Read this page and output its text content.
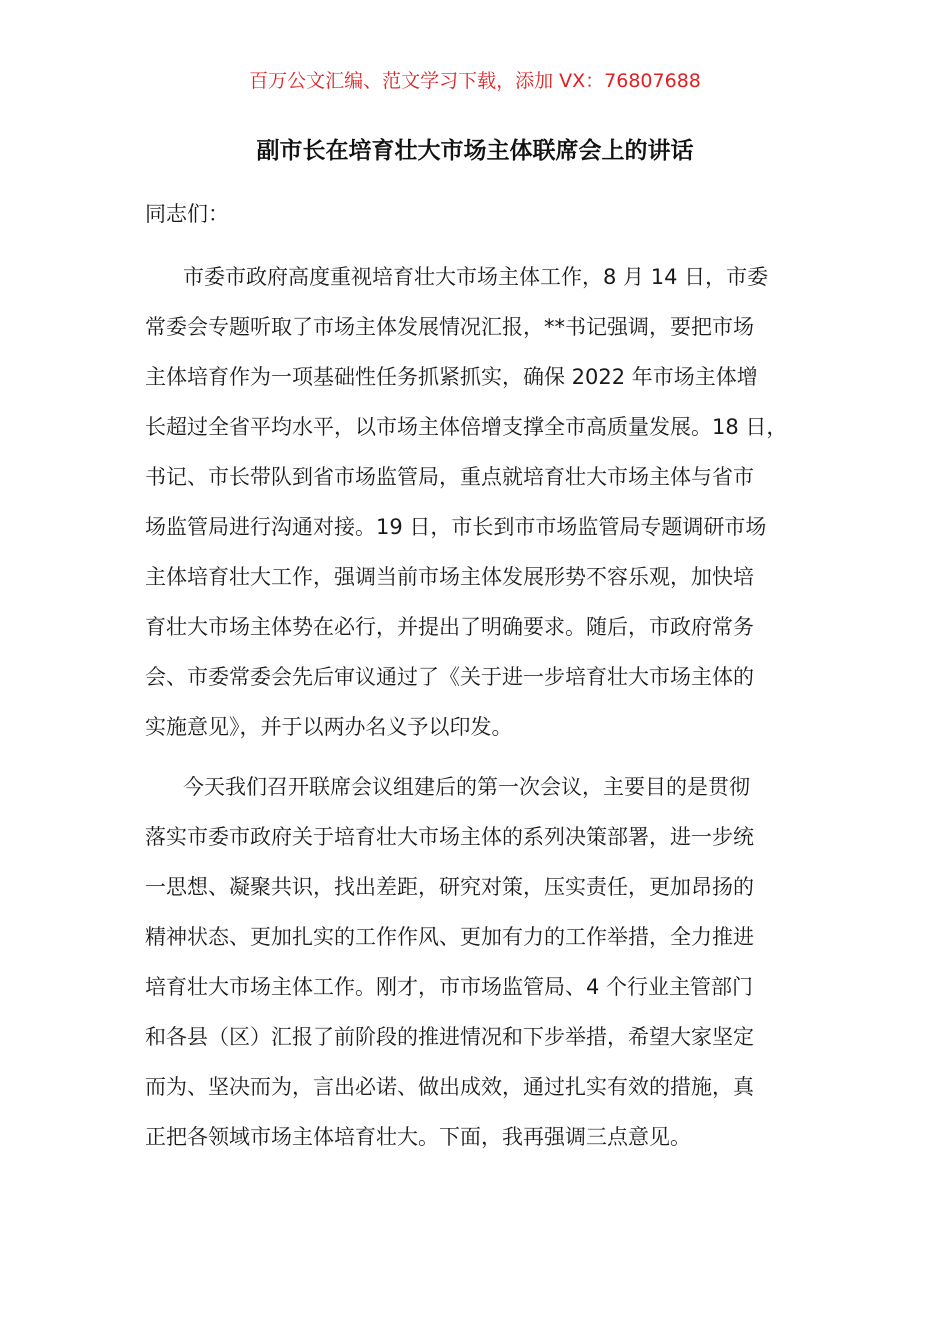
百万公文汇编、范文学习下载，添加 VX：76807688
副市长在培育壮大市场主体联席会上的讲话
同志们：
市委市政府高度重视培育壮大市场主体工作，8 月 14 日，市委
常委会专题听取了市场主体发展情况汇报，**书记强调，要把市场
主体培育作为一项基础性任务抓紧抓实，确保 2022 年市场主体增
长超过全省平均水平，以市场主体倍增支撑全市高质量发展。18 日，
书记、市长带队到省市场监管局，重点就培育壮大市场主体与省市
场监管局进行沟通对接。19 日，市长到市市场监管局专题调研市场
主体培育壮大工作，强调当前市场主体发展形势不容乐观，加快培
育壮大市场主体势在必行，并提出了明确要求。随后，市政府常务
会、市委常委会先后审议通过了《关于进一步培育壮大市场主体的
实施意见》，并于以两办名义予以印发。
今天我们召开联席会议组建后的第一次会议，主要目的是贯彻
落实市委市政府关于培育壮大市场主体的系列决策部署，进一步统
一思想、凝聚共识，找出差距，研究对策，压实责任，更加昂扬的
精神状态、更加扎实的工作作风、更加有力的工作举措，全力推进
培育壮大市场主体工作。刚才，市市场监管局、4 个行业主管部门
和各县（区）汇报了前阶段的推进情况和下步举措，希望大家坚定
而为、坚决而为，言出必诺、做出成效，通过扎实有效的措施，真
正把各领域市场主体培育壮大。下面，我再强调三点意见。
